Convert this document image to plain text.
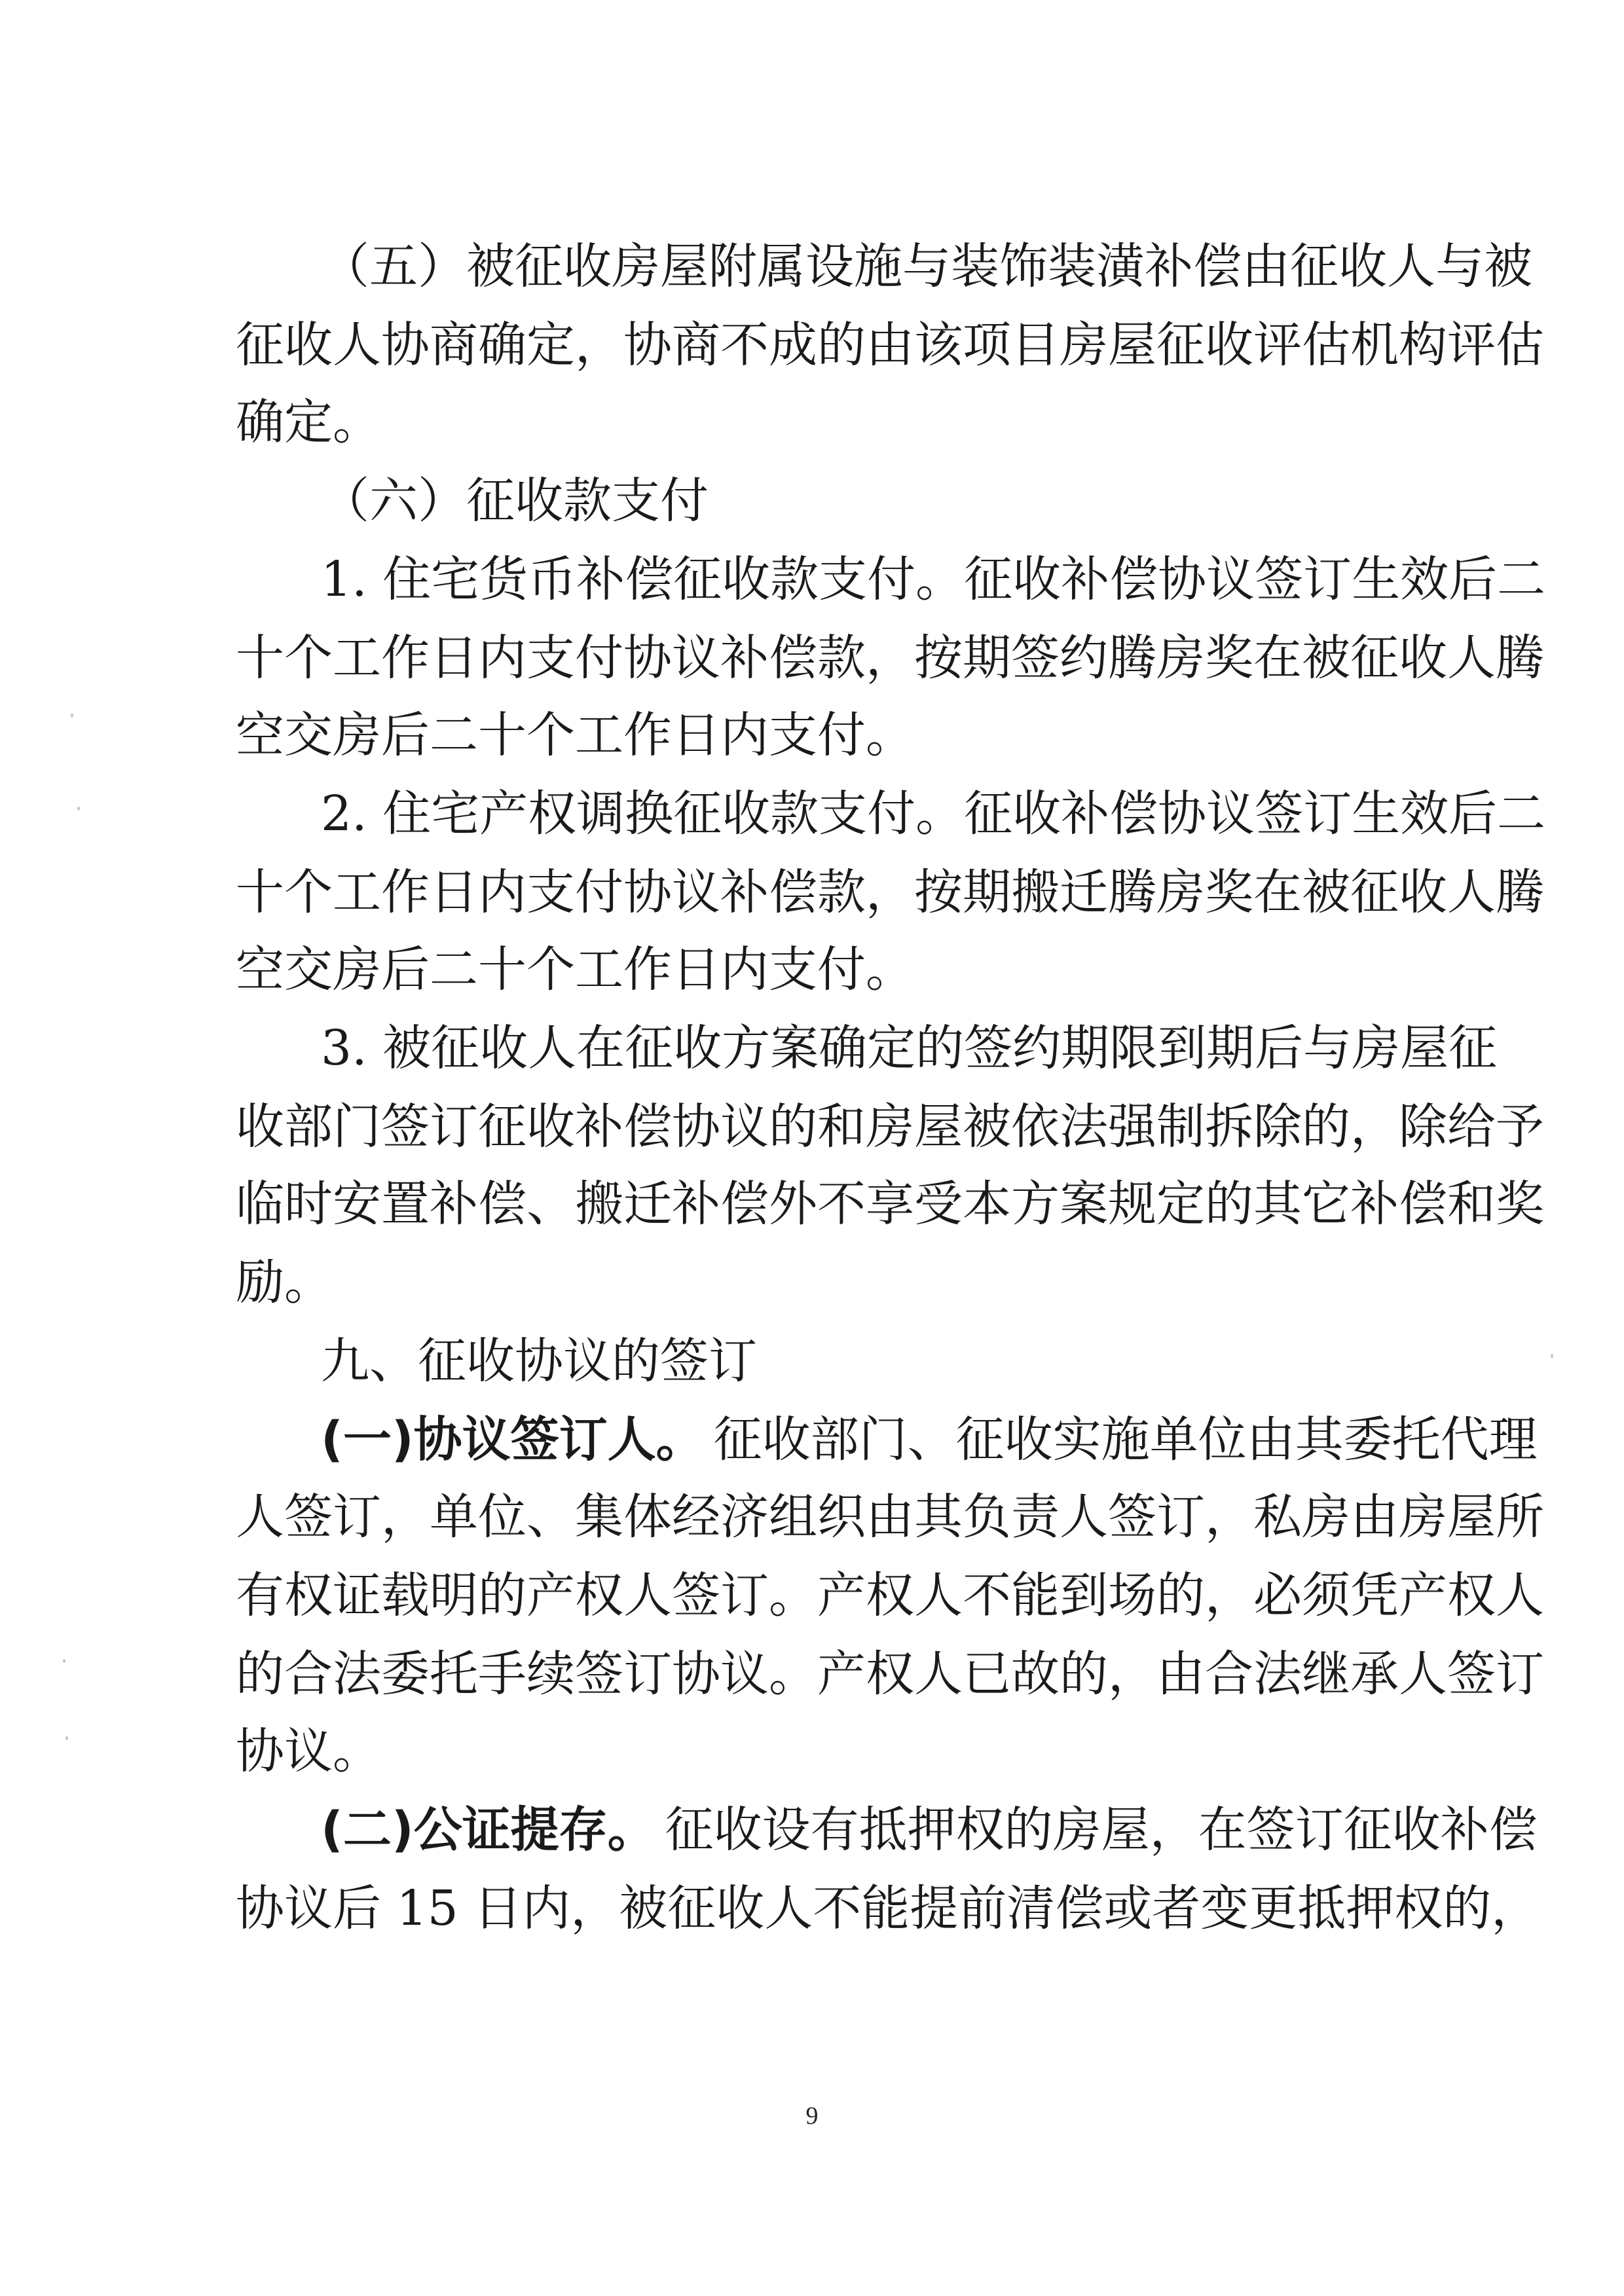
（五）被征收房屋附属设施与装饰装潢补偿由征收人与被
征收人协商确定，协商不成的由该项目房屋征收评估机构评估
确定。
（六）征收款支付
1. 住宅货币补偿征收款支付。征收补偿协议签订生效后二
十个工作日内支付协议补偿款，按期签约腾房奖在被征收人腾
空交房后二十个工作日内支付。
2. 住宅产权调换征收款支付。征收补偿协议签订生效后二
十个工作日内支付协议补偿款，按期搬迁腾房奖在被征收人腾
空交房后二十个工作日内支付。
3. 被征收人在征收方案确定的签约期限到期后与房屋征
收部门签订征收补偿协议的和房屋被依法强制拆除的，除给予
临时安置补偿、搬迁补偿外不享受本方案规定的其它补偿和奖
励。
九、征收协议的签订
(一)协议签订人。 征收部门、征收实施单位由其委托代理
人签订，单位、集体经济组织由其负责人签订，私房由房屋所
有权证载明的产权人签订。产权人不能到场的，必须凭产权人
的合法委托手续签订协议。产权人已故的，由合法继承人签订
协议。
(二)公证提存。 征收设有抵押权的房屋，在签订征收补偿
协议后 15 日内，被征收人不能提前清偿或者变更抵押权的，
9
